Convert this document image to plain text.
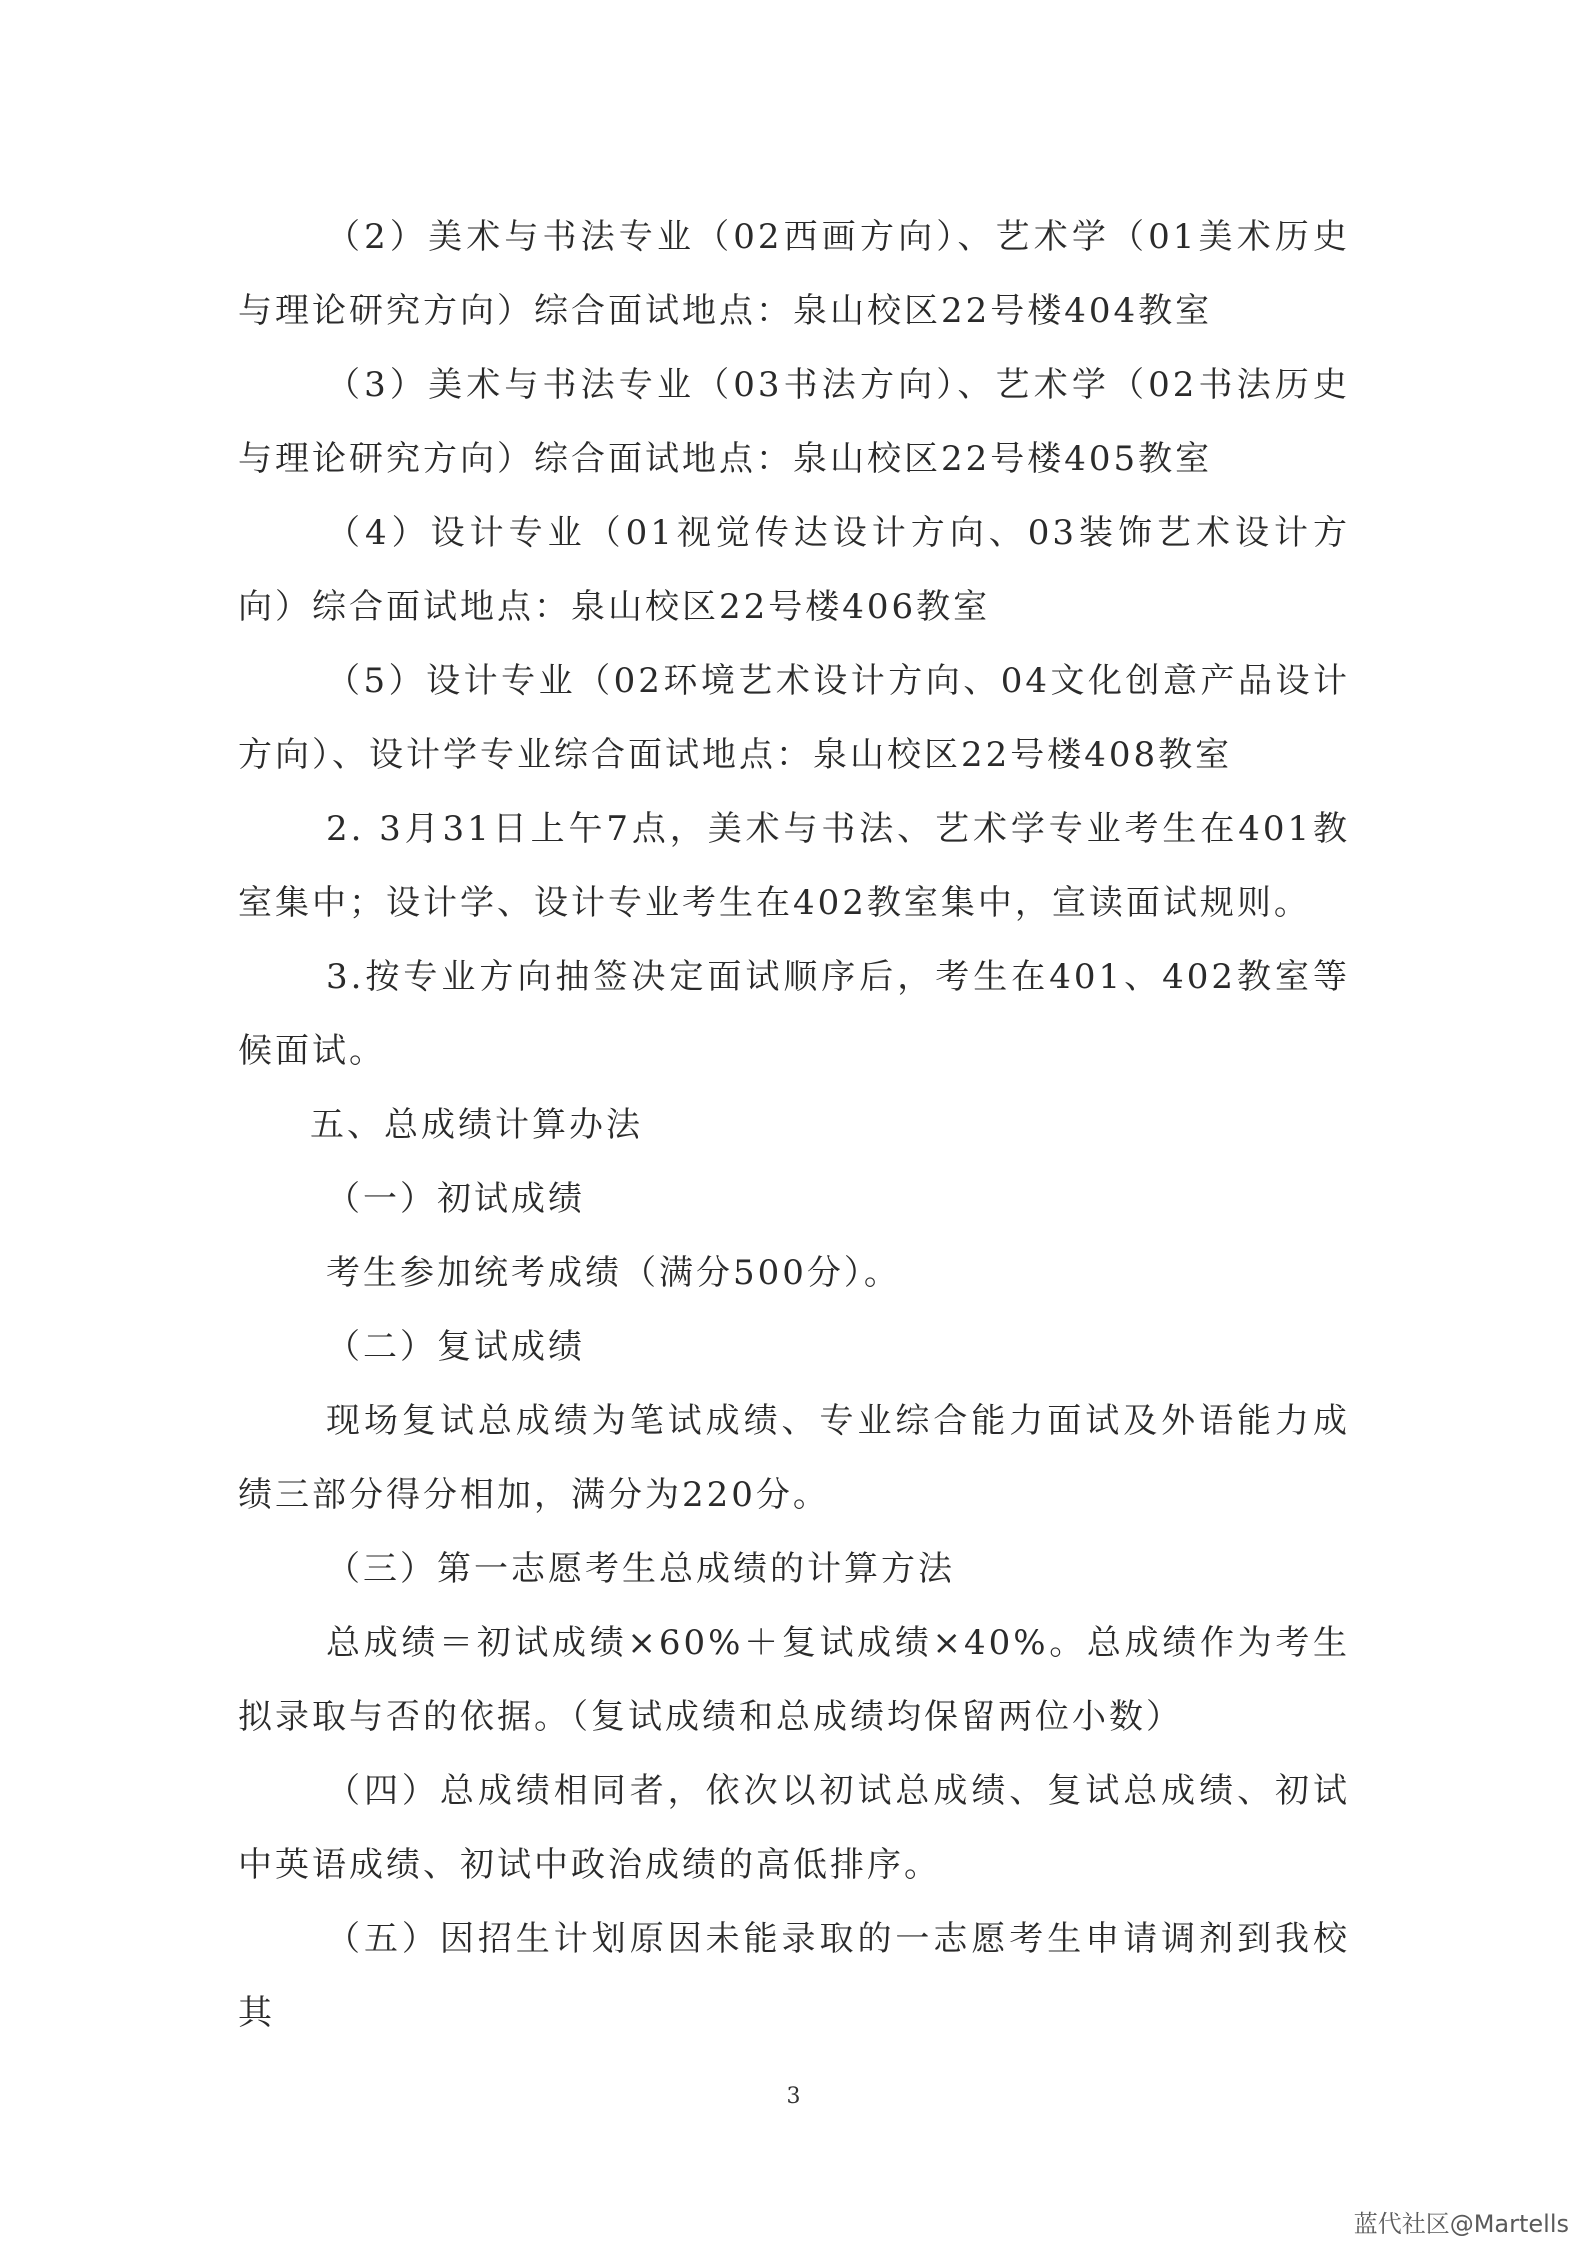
（2）美术与书法专业（02西画方向）、艺术学（01美术历史与理论研究方向）综合面试地点：泉山校区22号楼404教室

（3）美术与书法专业（03书法方向）、艺术学（02书法历史与理论研究方向）综合面试地点：泉山校区22号楼405教室

（4）设计专业（01视觉传达设计方向、03装饰艺术设计方向）综合面试地点：泉山校区22号楼406教室

（5）设计专业（02环境艺术设计方向、04文化创意产品设计方向）、设计学专业综合面试地点：泉山校区22号楼408教室

2. 3月31日上午7点，美术与书法、艺术学专业考生在401教室集中；设计学、设计专业考生在402教室集中，宣读面试规则。

3.按专业方向抽签决定面试顺序后，考生在401、402教室等候面试。

五、总成绩计算办法

（一）初试成绩

考生参加统考成绩（满分500分）。

（二）复试成绩

现场复试总成绩为笔试成绩、专业综合能力面试及外语能力成绩三部分得分相加，满分为220分。

（三）第一志愿考生总成绩的计算方法

总成绩＝初试成绩×60%＋复试成绩×40%。总成绩作为考生拟录取与否的依据。（复试成绩和总成绩均保留两位小数）

（四）总成绩相同者，依次以初试总成绩、复试总成绩、初试中英语成绩、初试中政治成绩的高低排序。

（五）因招生计划原因未能录取的一志愿考生申请调剂到我校其

3
蓝代社区@Martells
